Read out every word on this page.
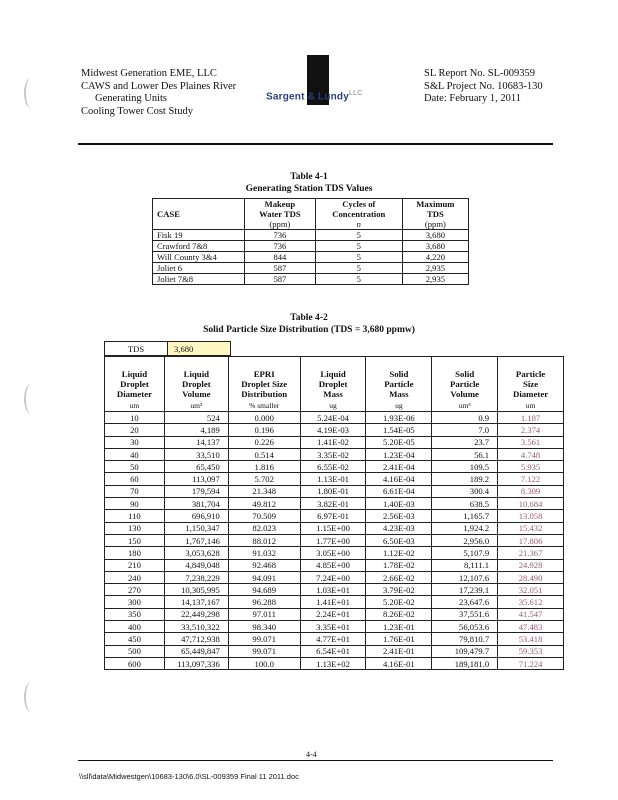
Midwest Generation EME, LLC
CAWS and Lower Des Plaines River
Generating Units
Cooling Tower Cost Study
Sargent & Lundy$^{LLC}$
SL Report No. SL-009359
S&L Project No. 10683-130
Date: February 1, 2011
Table 4-1
Generating Station TDS Values
	Makeup	Cycles of	Maximum
CASE	Water TDS	Concentration	TDS
	(ppm)	n	(ppm)
Fisk 19	736	5	3,680
Crawford 7&8	736	5	3,680
Will County 3&4	844	5	4,220
Joliet 6	587	5	2,935
Joliet 7&8	587	5	2,935
Table 4-2
Solid Particle Size Distribution (TDS = 3,680 ppmw)
TDS	3,680
Liquid	Liquid	EPRI	Liquid	Solid	Solid	Particle
Droplet	Droplet	Droplet Size	Droplet	Particle	Particle	Size
Diameter	Volume	Distribution	Mass	Mass	Volume	Diameter
um	um³	% smaller	ug	ug	um³	um
10	524	0.000	5.24E-04	1.93E-06	0.9	1.187
20	4,189	0.196	4.19E-03	1.54E-05	7.0	2.374
30	14,137	0.226	1.41E-02	5.20E-05	23.7	3.561
40	33,510	0.514	3.35E-02	1.23E-04	56.1	4.748
50	65,450	1.816	6.55E-02	2.41E-04	109.5	5.935
60	113,097	5.702	1.13E-01	4.16E-04	189.2	7.122
70	179,594	21.348	1.80E-01	6.61E-04	300.4	8.309
90	381,704	49.812	3.82E-01	1.40E-03	638.5	10.684
110	696,910	70.509	6.97E-01	2.56E-03	1,165.7	13.058
130	1,150,347	82.023	1.15E+00	4.23E-03	1,924.2	15.432
150	1,767,146	88.012	1.77E+00	6.50E-03	2,956.0	17.806
180	3,053,628	91.032	3.05E+00	1.12E-02	5,107.9	21.367
210	4,849,048	92.468	4.85E+00	1.78E-02	8,111.1	24.928
240	7,238,229	94.091	7.24E+00	2.66E-02	12,107.6	28.490
270	10,305,995	94.689	1.03E+01	3.79E-02	17,239.1	32.051
300	14,137,167	96.288	1.41E+01	5.20E-02	23,647.6	35.612
350	22,449,298	97.011	2.24E+01	8.26E-02	37,551.6	41.547
400	33,510,322	98.340	3.35E+01	1.23E-01	56,053.6	47.483
450	47,712,938	99.071	4.77E+01	1.76E-01	79,810.7	53.418
500	65,449,847	99.071	6.54E+01	2.41E-01	109,479.7	59.353
600	113,097,336	100.0	1.13E+02	4.16E-01	189,181.0	71.224
4-4
\\sll\data\Midwestgen\10683-130\6.0\SL-009359 Final 11 2011.doc
